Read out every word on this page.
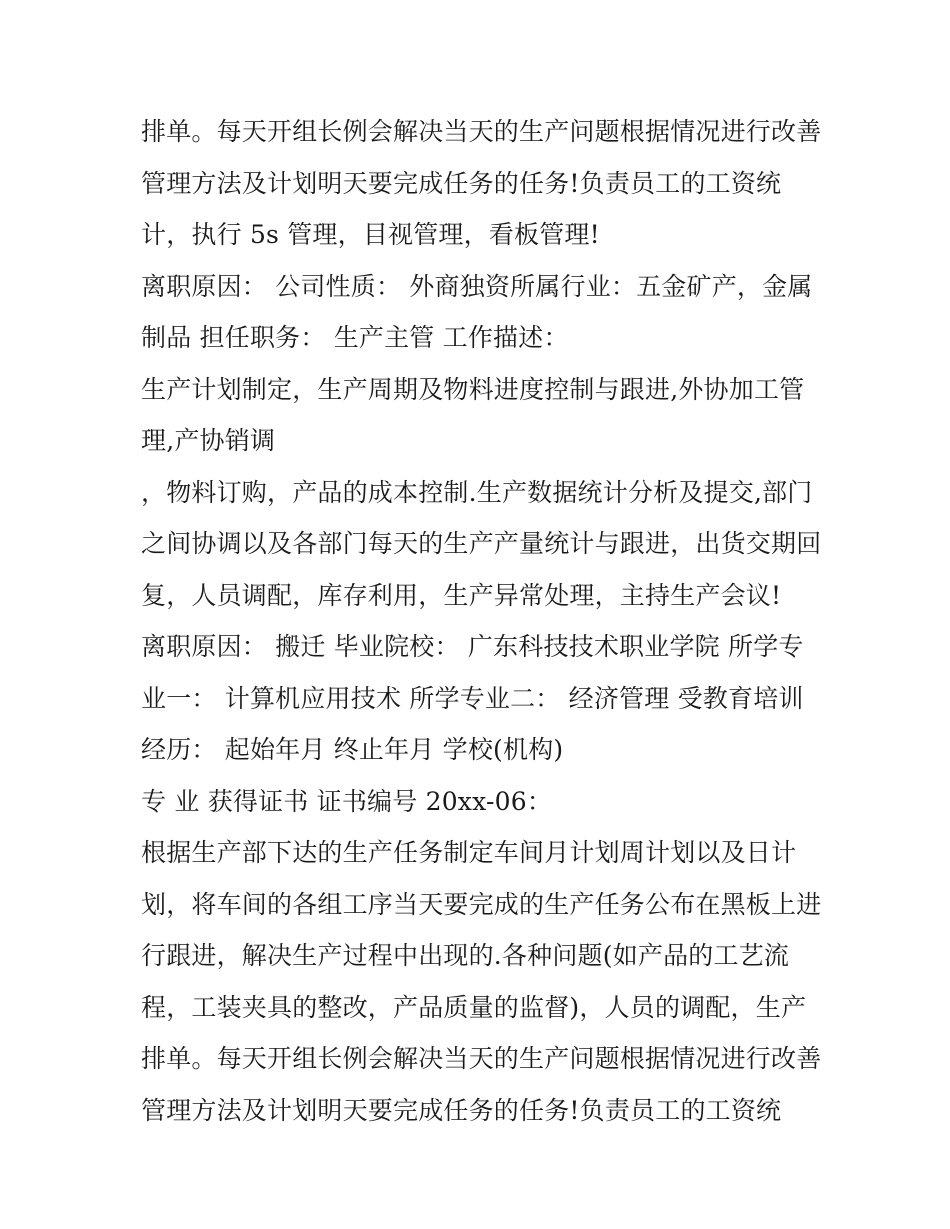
排单。每天开组长例会解决当天的生产问题根据情况进行改善
管理方法及计划明天要完成任务的任务!负责员工的工资统
计，执行 5s 管理，目视管理，看板管理!
离职原因： 公司性质： 外商独资所属行业：五金矿产，金属
制品 担任职务： 生产主管 工作描述：
生产计划制定，生产周期及物料进度控制与跟进,外协加工管
理,产协销调
，物料订购，产品的成本控制.生产数据统计分析及提交,部门
之间协调以及各部门每天的生产产量统计与跟进，出货交期回
复，人员调配，库存利用，生产异常处理，主持生产会议!
离职原因： 搬迁 毕业院校： 广东科技技术职业学院 所学专
业一： 计算机应用技术 所学专业二： 经济管理 受教育培训
经历： 起始年月 终止年月 学校(机构)
专 业 获得证书 证书编号 20xx-06：
根据生产部下达的生产任务制定车间月计划周计划以及日计
划，将车间的各组工序当天要完成的生产任务公布在黑板上进
行跟进，解决生产过程中出现的.各种问题(如产品的工艺流
程，工装夹具的整改，产品质量的监督)，人员的调配，生产
排单。每天开组长例会解决当天的生产问题根据情况进行改善
管理方法及计划明天要完成任务的任务!负责员工的工资统
